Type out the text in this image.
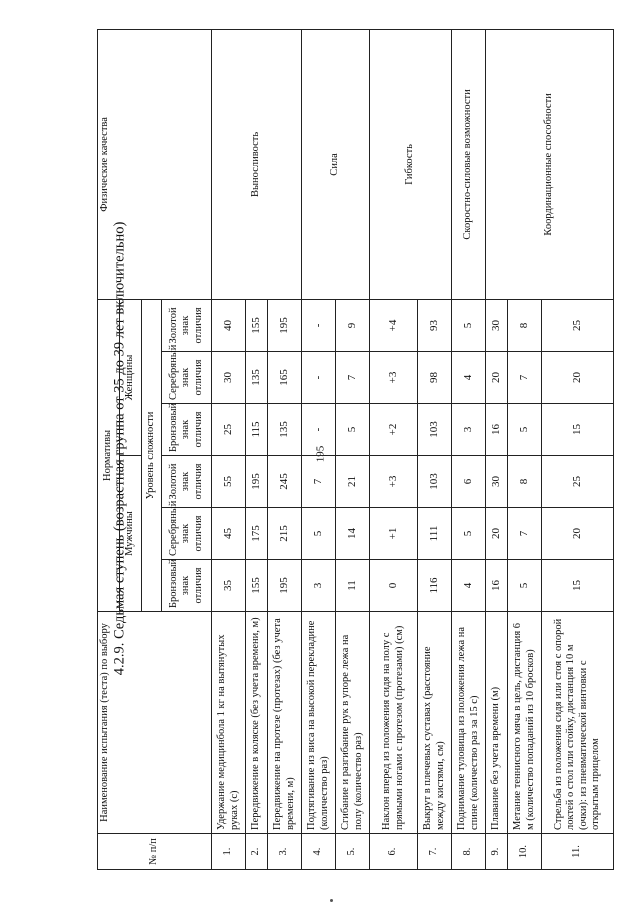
195
4.2.9. Седьмая ступень (возрастная группа от 35 до 39 лет включительно)
№ п/п	Наименование испытания (теста) по выбору	Нормативы						Физические качества
		Мужчины			Женщины			
		Уровень сложности						
		Бронзовый знак отличия	Серебряный знак отличия	Золотой знак отличия	Бронзовый знак отличия	Серебряный знак отличия	Золотой знак отличия	
1.	Удержание медицинбола 1 кг на вытянутых руках (с)	35	45	55	25	30	40	Выносливость
2.	Передвижение в коляске (без учета времени, м)	155	175	195	115	135	155	
3.	Передвижение на протезе (протезах) (без учета времени, м)	195	215	245	135	165	195	
4.	Подтягивание из виса на высокой перекладине (количество раз)	3	5	7	-	-	-	Сила
5.	Сгибание и разгибание рук в упоре лежа на полу (количество раз)	11	14	21	5	7	9	
6.	Наклон вперед из положения сидя на полу с прямыми ногами с протезом (протезами) (см)	0	+1	+3	+2	+3	+4	Гибкость
7.	Выкрут в плечевых суставах (расстояние между кистями, см)	116	111	103	103	98	93	
8.	Поднимание туловища из положения лежа на спине (количество раз за 15 с)	4	5	6	3	4	5	Скоростно-силовые возможности
9.	Плавание без учета времени (м)	16	20	30	16	20	30	Координационные способности
10.	Метание теннисного мяча в цель, дистанция 6 м (количество попаданий из 10 бросков)	5	7	8	5	7	8	
11.	Стрельба из положения сидя или стоя с опорой локтей о стол или стойку, дистанция 10 м (очки): из пневматической винтовки с открытым прицелом	15	20	25	15	20	25	
